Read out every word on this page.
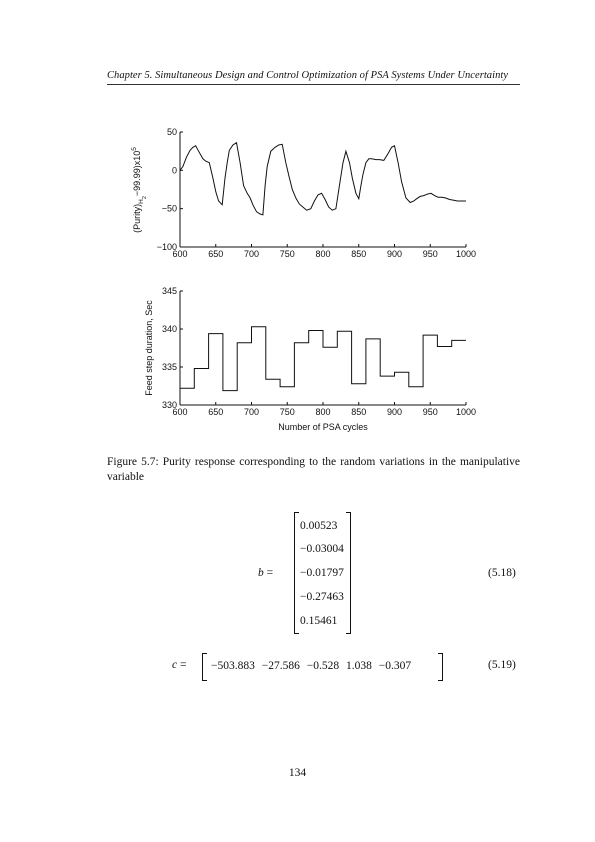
Chapter 5. Simultaneous Design and Control Optimization of PSA Systems Under Uncertainty
600 650 700 750 800 850 900 950 1000
50
0
−50
−100
$(Purity)_{H2}-99.99)x10^5$
600 650 700 750 800 850 900 950 1000
345
340
335
330
Feed step duration, Sec
Number of PSA cycles
Figure 5.7: Purity response corresponding to the random variations in the manipulative variable
b =
0.00523
−0.03004
−0.01797
−0.27463
0.15461
(5.18)
c = −503.883 −27.586 −0.528 1.038 −0.307	(5.19)
134
